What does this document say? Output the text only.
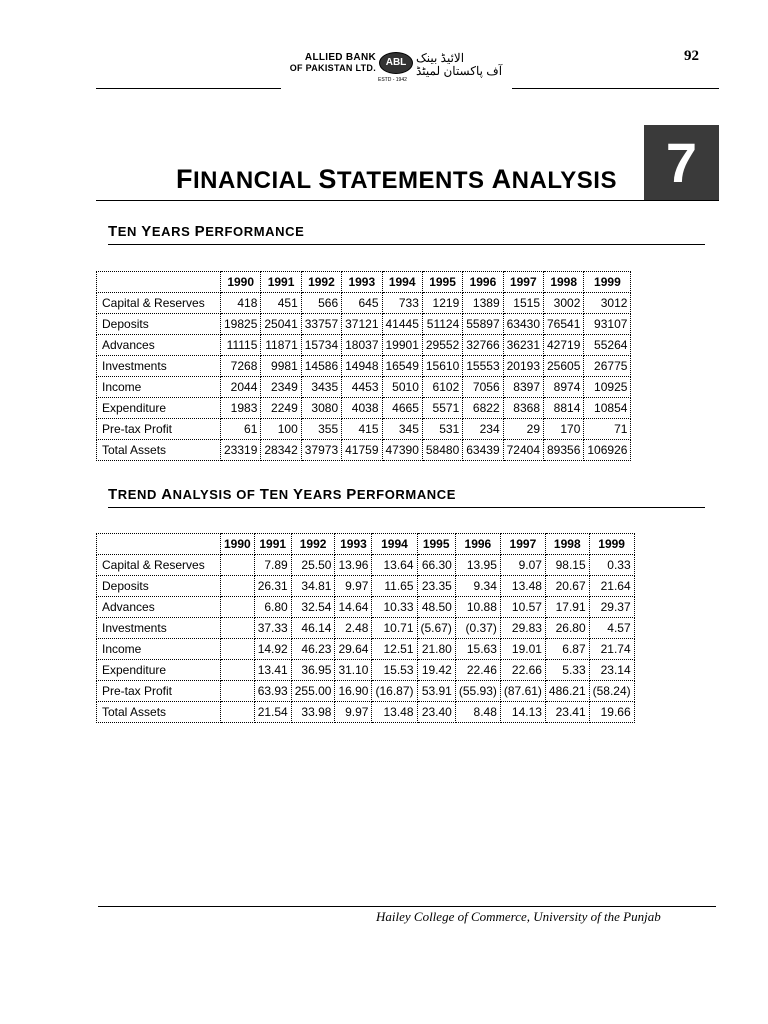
92
ALLIED BANK
OF PAKISTAN LTD. ABL
ESTD - 1942
الائیڈ بینک
آف پاکستان لمیٹڈ
FINANCIAL STATEMENTS ANALYSIS 7
TEN YEARS PERFORMANCE
	1990	1991	1992	1993	1994	1995	1996	1997	1998	1999
Capital & Reserves	418	451	566	645	733	1219	1389	1515	3002	3012
Deposits	19825	25041	33757	37121	41445	51124	55897	63430	76541	93107
Advances	11115	11871	15734	18037	19901	29552	32766	36231	42719	55264
Investments	7268	9981	14586	14948	16549	15610	15553	20193	25605	26775
Income	2044	2349	3435	4453	5010	6102	7056	8397	8974	10925
Expenditure	1983	2249	3080	4038	4665	5571	6822	8368	8814	10854
Pre-tax Profit	61	100	355	415	345	531	234	29	170	71
Total Assets	23319	28342	37973	41759	47390	58480	63439	72404	89356	106926
TREND ANALYSIS OF TEN YEARS PERFORMANCE
	1990	1991	1992	1993	1994	1995	1996	1997	1998	1999
Capital & Reserves		7.89	25.50	13.96	13.64	66.30	13.95	9.07	98.15	0.33
Deposits		26.31	34.81	9.97	11.65	23.35	9.34	13.48	20.67	21.64
Advances		6.80	32.54	14.64	10.33	48.50	10.88	10.57	17.91	29.37
Investments		37.33	46.14	2.48	10.71	(5.67)	(0.37)	29.83	26.80	4.57
Income		14.92	46.23	29.64	12.51	21.80	15.63	19.01	6.87	21.74
Expenditure		13.41	36.95	31.10	15.53	19.42	22.46	22.66	5.33	23.14
Pre-tax Profit		63.93	255.00	16.90	(16.87)	53.91	(55.93)	(87.61)	486.21	(58.24)
Total Assets		21.54	33.98	9.97	13.48	23.40	8.48	14.13	23.41	19.66
Hailey College of Commerce, University of the Punjab
